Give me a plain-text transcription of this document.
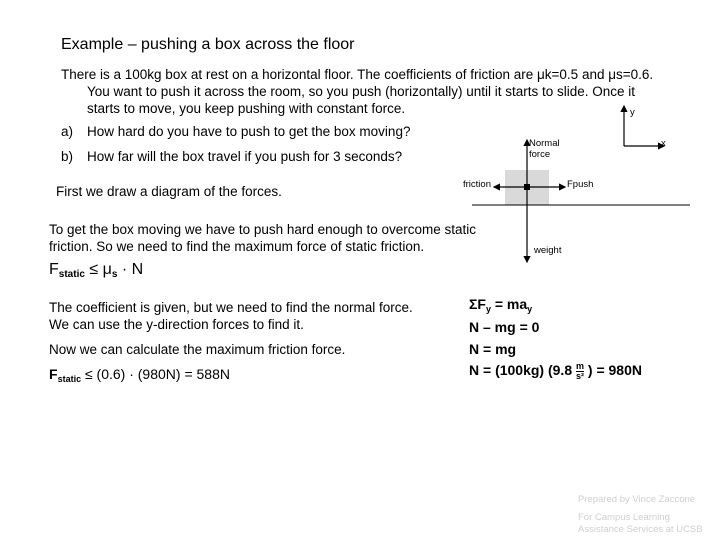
Example – pushing a box across the floor
There is a 100kg box at rest on a horizontal floor. The coefficients of friction are μk=0.5 and μs=0.6.
You want to push it across the room, so you push (horizontally) until it starts to slide. Once it
starts to move, you keep pushing with constant force.
a) How hard do you have to push to get the box moving?
b) How far will the box travel if you push for 3 seconds?
First we draw a diagram of the forces.
y
x
Normal
force
friction	Fpush
weight
To get the box moving we have to push hard enough to overcome static
friction. So we need to find the maximum force of static friction.
$F_{static} \le \mu_s \cdot N$
The coefficient is given, but we need to find the normal force.
We can use the y-direction forces to find it.
$\Sigma F_y = ma_y$
N – mg = 0
N = mg
Now we can calculate the maximum friction force.
N = (100kg) ($9.8 \frac{m}{\text{s²}}$ ) = 980N
$F_{static} \le (0.6) \cdot (980N) = 588N$
Prepared by Vince Zaccone
For Campus Learning
Assistance Services at UCSB
